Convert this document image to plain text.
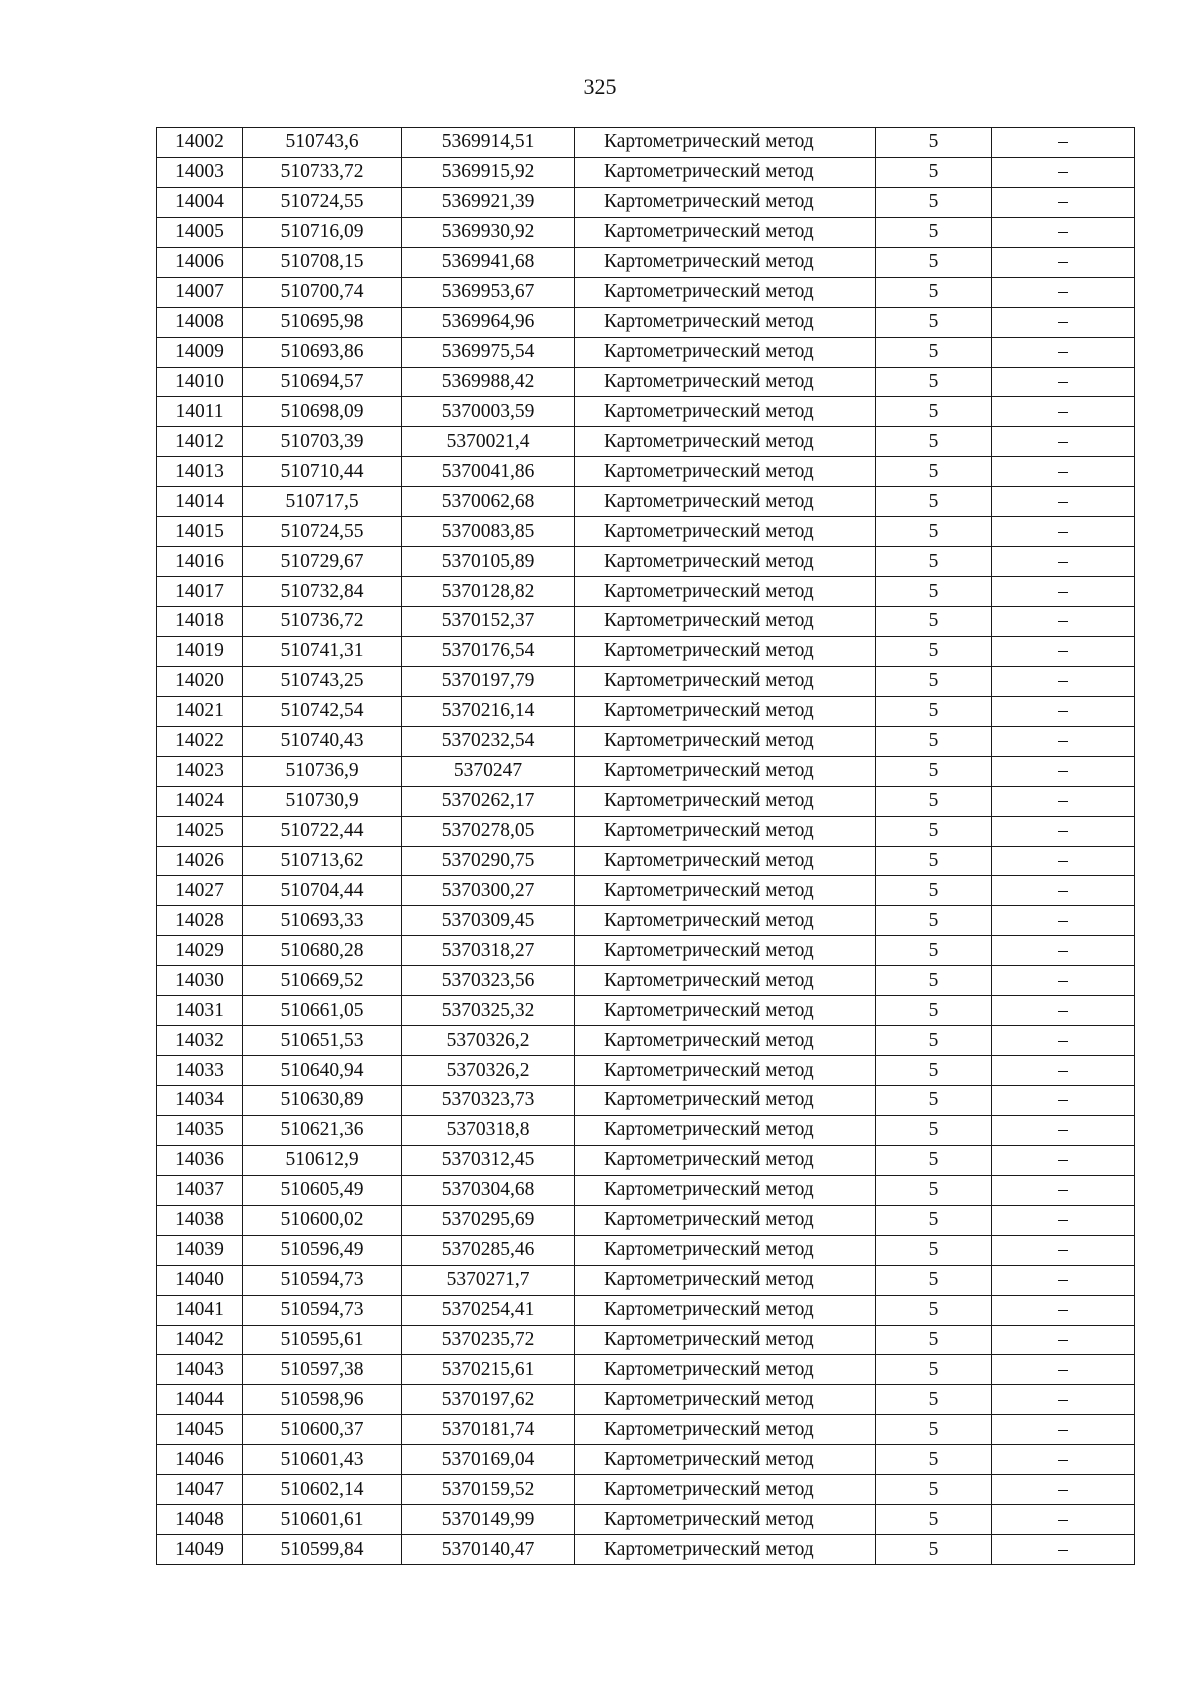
325
14002	510743,6	5369914,51	Картометрический метод	5	–
14003	510733,72	5369915,92	Картометрический метод	5	–
14004	510724,55	5369921,39	Картометрический метод	5	–
14005	510716,09	5369930,92	Картометрический метод	5	–
14006	510708,15	5369941,68	Картометрический метод	5	–
14007	510700,74	5369953,67	Картометрический метод	5	–
14008	510695,98	5369964,96	Картометрический метод	5	–
14009	510693,86	5369975,54	Картометрический метод	5	–
14010	510694,57	5369988,42	Картометрический метод	5	–
14011	510698,09	5370003,59	Картометрический метод	5	–
14012	510703,39	5370021,4	Картометрический метод	5	–
14013	510710,44	5370041,86	Картометрический метод	5	–
14014	510717,5	5370062,68	Картометрический метод	5	–
14015	510724,55	5370083,85	Картометрический метод	5	–
14016	510729,67	5370105,89	Картометрический метод	5	–
14017	510732,84	5370128,82	Картометрический метод	5	–
14018	510736,72	5370152,37	Картометрический метод	5	–
14019	510741,31	5370176,54	Картометрический метод	5	–
14020	510743,25	5370197,79	Картометрический метод	5	–
14021	510742,54	5370216,14	Картометрический метод	5	–
14022	510740,43	5370232,54	Картометрический метод	5	–
14023	510736,9	5370247	Картометрический метод	5	–
14024	510730,9	5370262,17	Картометрический метод	5	–
14025	510722,44	5370278,05	Картометрический метод	5	–
14026	510713,62	5370290,75	Картометрический метод	5	–
14027	510704,44	5370300,27	Картометрический метод	5	–
14028	510693,33	5370309,45	Картометрический метод	5	–
14029	510680,28	5370318,27	Картометрический метод	5	–
14030	510669,52	5370323,56	Картометрический метод	5	–
14031	510661,05	5370325,32	Картометрический метод	5	–
14032	510651,53	5370326,2	Картометрический метод	5	–
14033	510640,94	5370326,2	Картометрический метод	5	–
14034	510630,89	5370323,73	Картометрический метод	5	–
14035	510621,36	5370318,8	Картометрический метод	5	–
14036	510612,9	5370312,45	Картометрический метод	5	–
14037	510605,49	5370304,68	Картометрический метод	5	–
14038	510600,02	5370295,69	Картометрический метод	5	–
14039	510596,49	5370285,46	Картометрический метод	5	–
14040	510594,73	5370271,7	Картометрический метод	5	–
14041	510594,73	5370254,41	Картометрический метод	5	–
14042	510595,61	5370235,72	Картометрический метод	5	–
14043	510597,38	5370215,61	Картометрический метод	5	–
14044	510598,96	5370197,62	Картометрический метод	5	–
14045	510600,37	5370181,74	Картометрический метод	5	–
14046	510601,43	5370169,04	Картометрический метод	5	–
14047	510602,14	5370159,52	Картометрический метод	5	–
14048	510601,61	5370149,99	Картометрический метод	5	–
14049	510599,84	5370140,47	Картометрический метод	5	–
